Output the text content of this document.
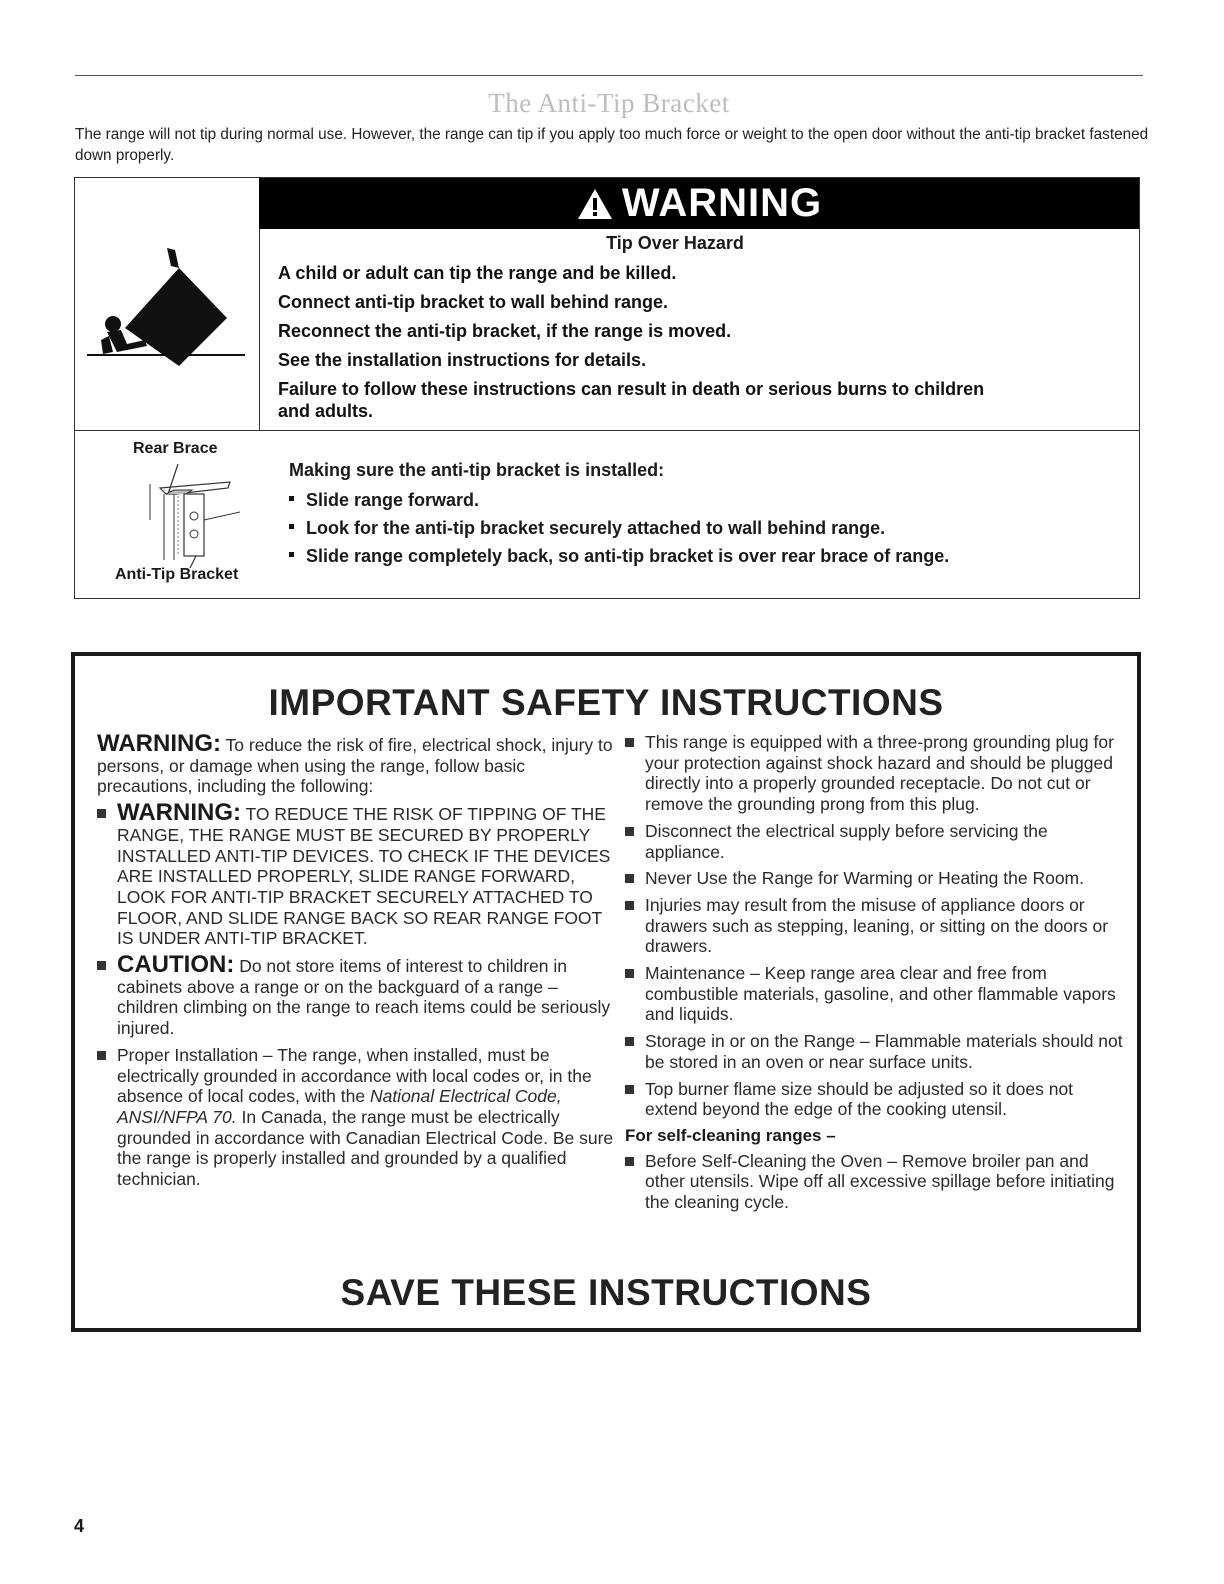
The Anti-Tip Bracket
The range will not tip during normal use. However, the range can tip if you apply too much force or weight to the open door without the anti-tip bracket fastened down properly.
WARNING
Tip Over Hazard
A child or adult can tip the range and be killed.
Connect anti-tip bracket to wall behind range.
Reconnect the anti-tip bracket, if the range is moved.
See the installation instructions for details.
Failure to follow these instructions can result in death or serious burns to children
and adults.
Rear Brace
Anti-Tip Bracket
Making sure the anti-tip bracket is installed:
Slide range forward.
Look for the anti-tip bracket securely attached to wall behind range.
Slide range completely back, so anti-tip bracket is over rear brace of range.
IMPORTANT SAFETY INSTRUCTIONS

WARNING: To reduce the risk of fire, electrical shock, injury to persons, or damage when using the range, follow basic precautions, including the following:

WARNING: TO REDUCE THE RISK OF TIPPING OF THE RANGE, THE RANGE MUST BE SECURED BY PROPERLY INSTALLED ANTI-TIP DEVICES. TO CHECK IF THE DEVICES ARE INSTALLED PROPERLY, SLIDE RANGE FORWARD, LOOK FOR ANTI-TIP BRACKET SECURELY ATTACHED TO FLOOR, AND SLIDE RANGE BACK SO REAR RANGE FOOT IS UNDER ANTI-TIP BRACKET.
CAUTION: Do not store items of interest to children in cabinets above a range or on the backguard of a range – children climbing on the range to reach items could be seriously injured.
Proper Installation – The range, when installed, must be electrically grounded in accordance with local codes or, in the absence of local codes, with the National Electrical Code, ANSI/NFPA 70. In Canada, the range must be electrically grounded in accordance with Canadian Electrical Code. Be sure the range is properly installed and grounded by a qualified technician.
This range is equipped with a three-prong grounding plug for your protection against shock hazard and should be plugged directly into a properly grounded receptacle. Do not cut or remove the grounding prong from this plug.
Disconnect the electrical supply before servicing the appliance.
Never Use the Range for Warming or Heating the Room.
Injuries may result from the misuse of appliance doors or drawers such as stepping, leaning, or sitting on the doors or drawers.
Maintenance – Keep range area clear and free from combustible materials, gasoline, and other flammable vapors and liquids.
Storage in or on the Range – Flammable materials should not be stored in an oven or near surface units.
Top burner flame size should be adjusted so it does not extend beyond the edge of the cooking utensil.
For self-cleaning ranges –
Before Self-Cleaning the Oven – Remove broiler pan and other utensils. Wipe off all excessive spillage before initiating the cleaning cycle.
SAVE THESE INSTRUCTIONS
4
